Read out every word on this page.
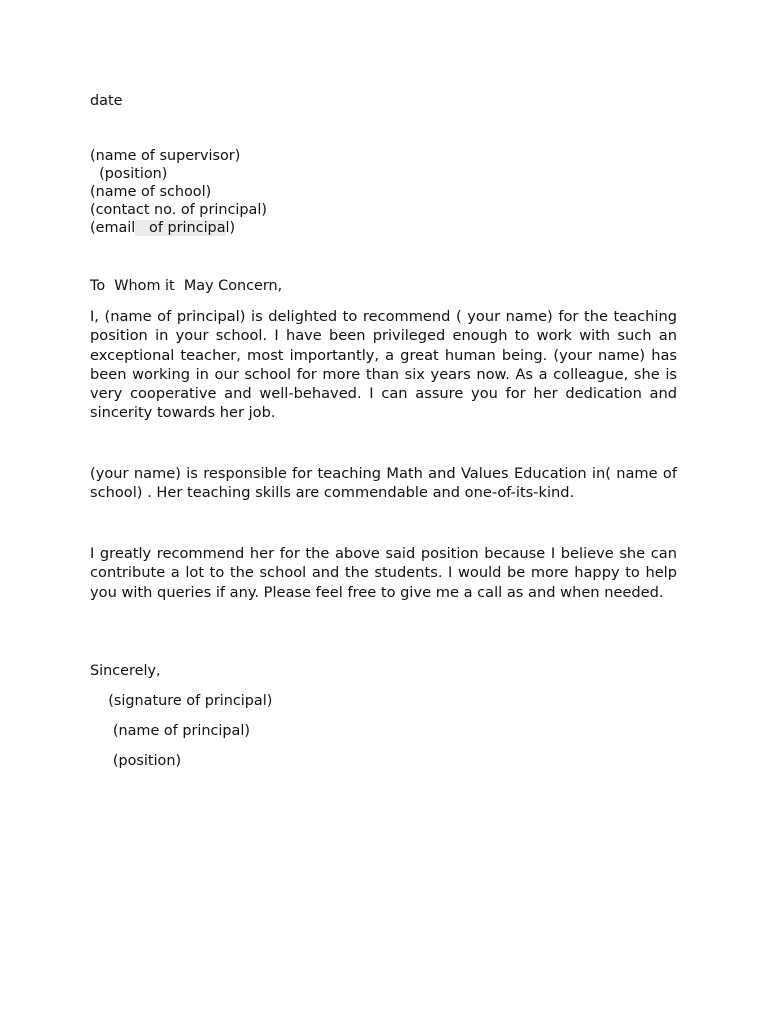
date
(name of supervisor)
(position)
(name of school)
(contact no. of principal)
(email   of principal)
To  Whom it  May Concern,

I, (name of principal) is delighted to recommend ( your name) for the teaching position in your school. I have been privileged enough to work with such an exceptional teacher, most importantly, a great human being. (your name) has been working in our school for more than six years now. As a colleague, she is very cooperative and well-behaved. I can assure you for her dedication and sincerity towards her job.

(your name) is responsible for teaching Math and Values Education in( name of school) . Her teaching skills are commendable and one-of-its-kind.

I greatly recommend her for the above said position because I believe she can contribute a lot to the school and the students. I would be more happy to help you with queries if any. Please feel free to give me a call as and when needed.

Sincerely,
(signature of principal)
(name of principal)
(position)
